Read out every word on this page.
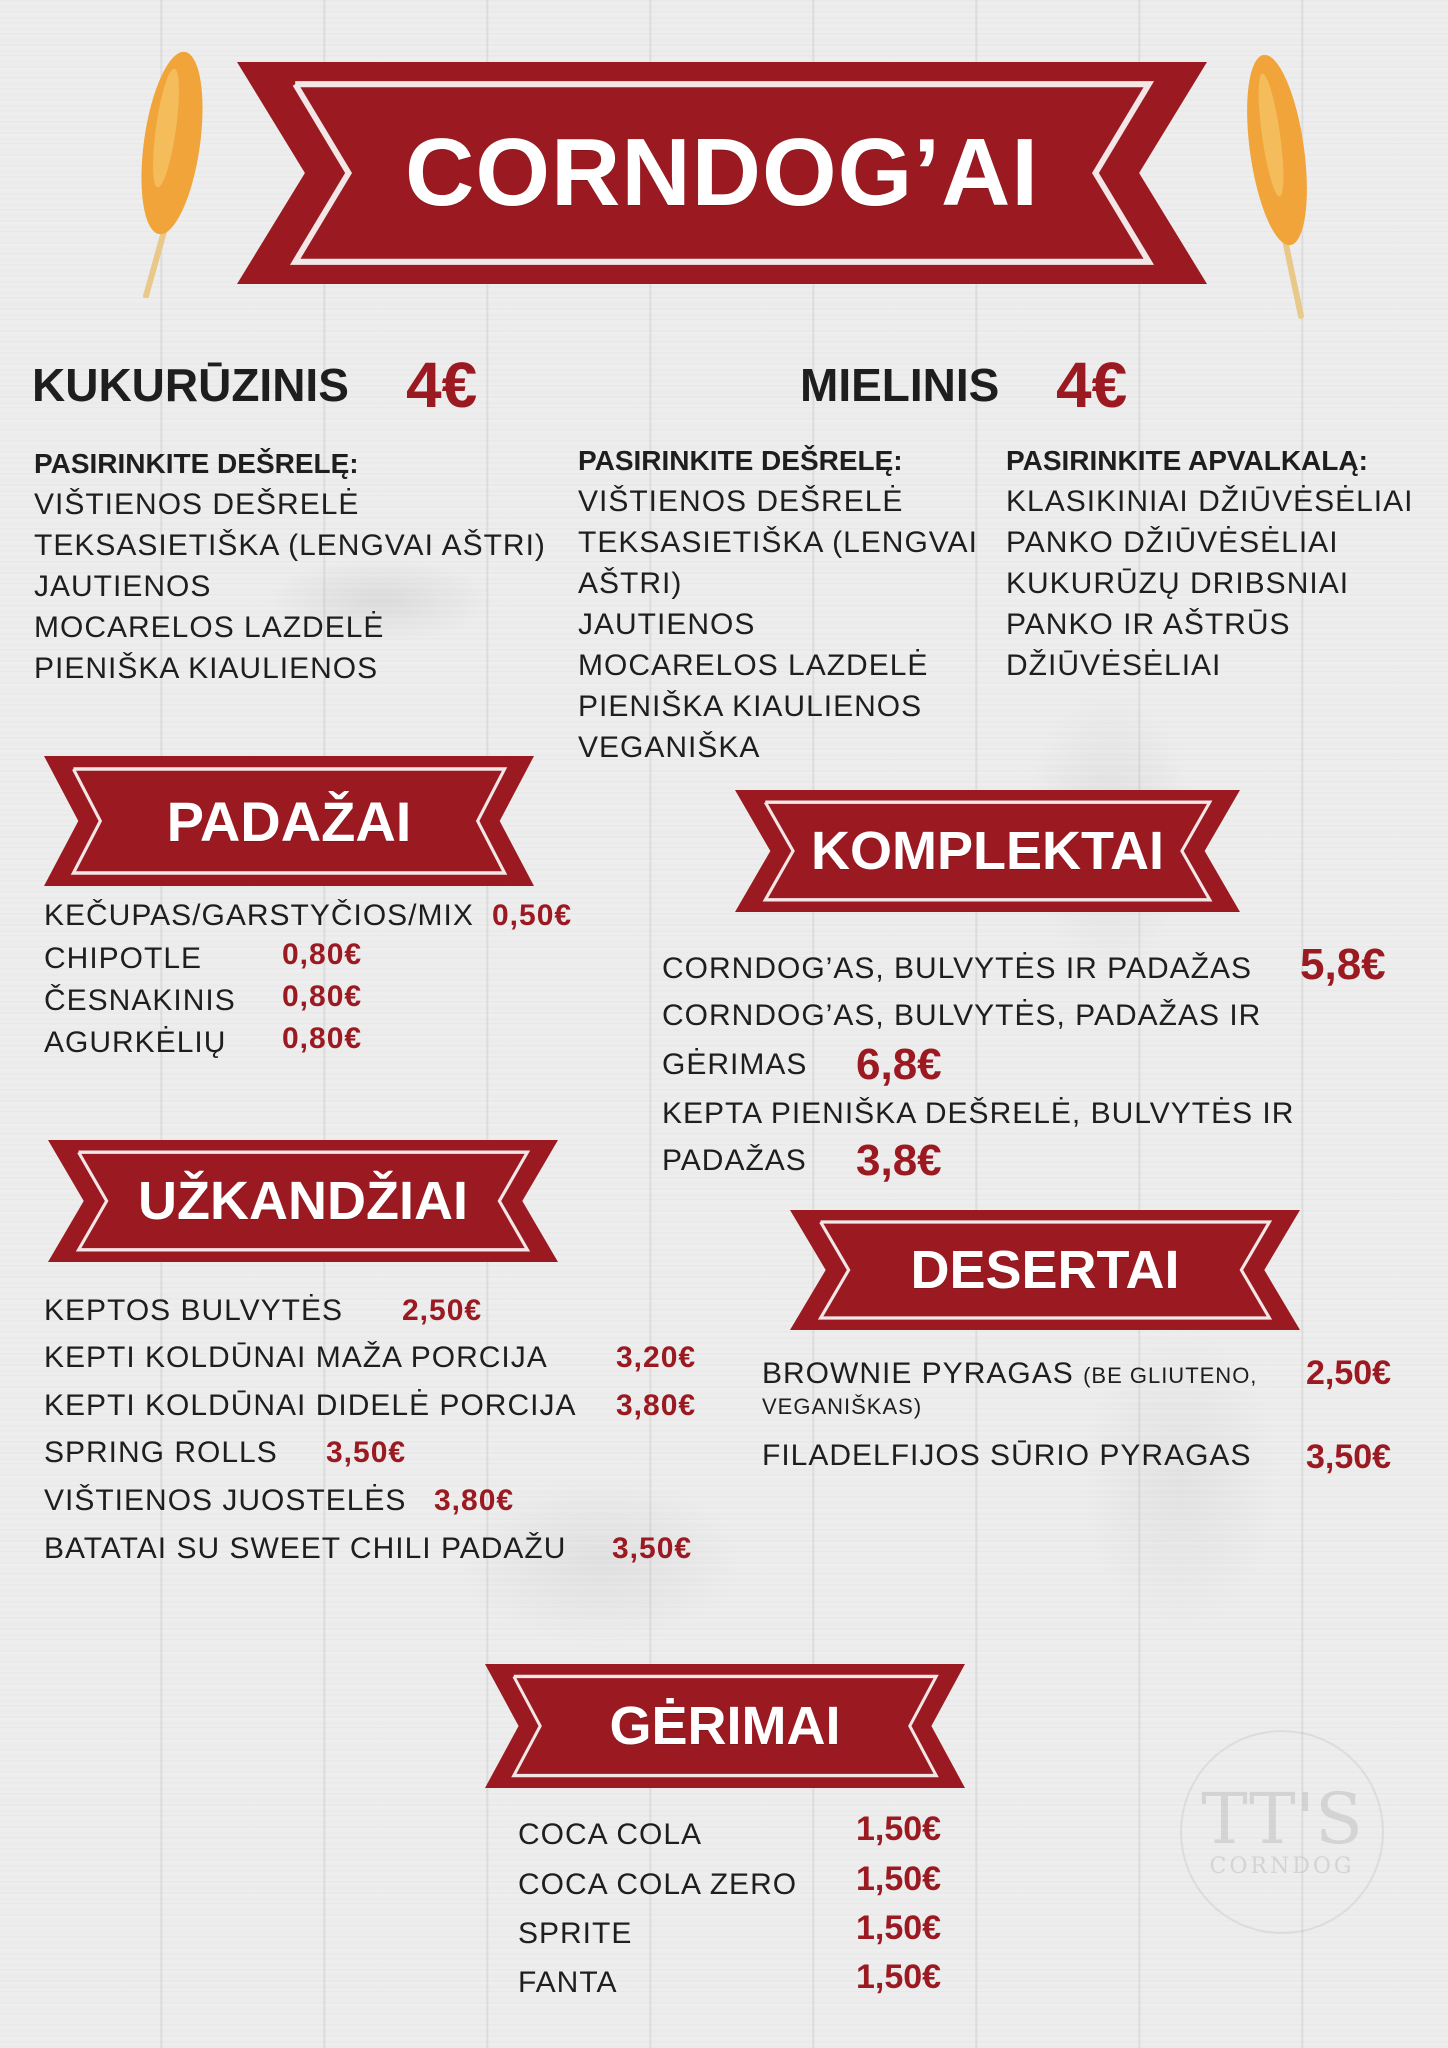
CORNDOG’AI
KUKURŪZINIS 4€	MIELINIS 4€
PASIRINKITE DEŠRELĘ:
VIŠTIENOS DEŠRELĖ
TEKSASIETIŠKA (LENGVAI AŠTRI)
JAUTIENOS
MOCARELOS LAZDELĖ
PIENIŠKA KIAULIENOS
PASIRINKITE DEŠRELĘ:
VIŠTIENOS DEŠRELĖ
TEKSASIETIŠKA (LENGVAI
AŠTRI)
JAUTIENOS
MOCARELOS LAZDELĖ
PIENIŠKA KIAULIENOS
VEGANIŠKA
PASIRINKITE APVALKALĄ:
KLASIKINIAI DŽIŪVĖSĖLIAI
PANKO DŽIŪVĖSĖLIAI
KUKURŪZŲ DRIBSNIAI
PANKO IR AŠTRŪS
DŽIŪVĖSĖLIAI
PADAŽAI
KEČUPAS/GARSTYČIOS/MIX 0,50€
CHIPOTLE	0,80€
ČESNAKINIS 0,80€
AGURKĖLIŲ 0,80€
KOMPLEKTAI
CORNDOG’AS, BULVYTĖS IR PADAŽAS 5,8€
CORNDOG’AS, BULVYTĖS, PADAŽAS IR
GĖRIMAS 6,8€
KEPTA PIENIŠKA DEŠRELĖ, BULVYTĖS IR
PADAŽAS 3,8€
UŽKANDŽIAI
KEPTOS BULVYTĖS 2,50€
KEPTI KOLDŪNAI MAŽA PORCIJA 3,20€
KEPTI KOLDŪNAI DIDELĖ PORCIJA 3,80€
SPRING ROLLS 3,50€
VIŠTIENOS JUOSTELĖS 3,80€
BATATAI SU SWEET CHILI PADAŽU 3,50€
DESERTAI
BROWNIE PYRAGAS (BE GLIUTENO,
VEGANIŠKAS)
2,50€
FILADELFIJOS SŪRIO PYRAGAS 3,50€
GĖRIMAI
COCA COLA	1,50€
COCA COLA ZERO 1,50€
SPRITE	1,50€
FANTA	1,50€
TT'S
CORNDOG
